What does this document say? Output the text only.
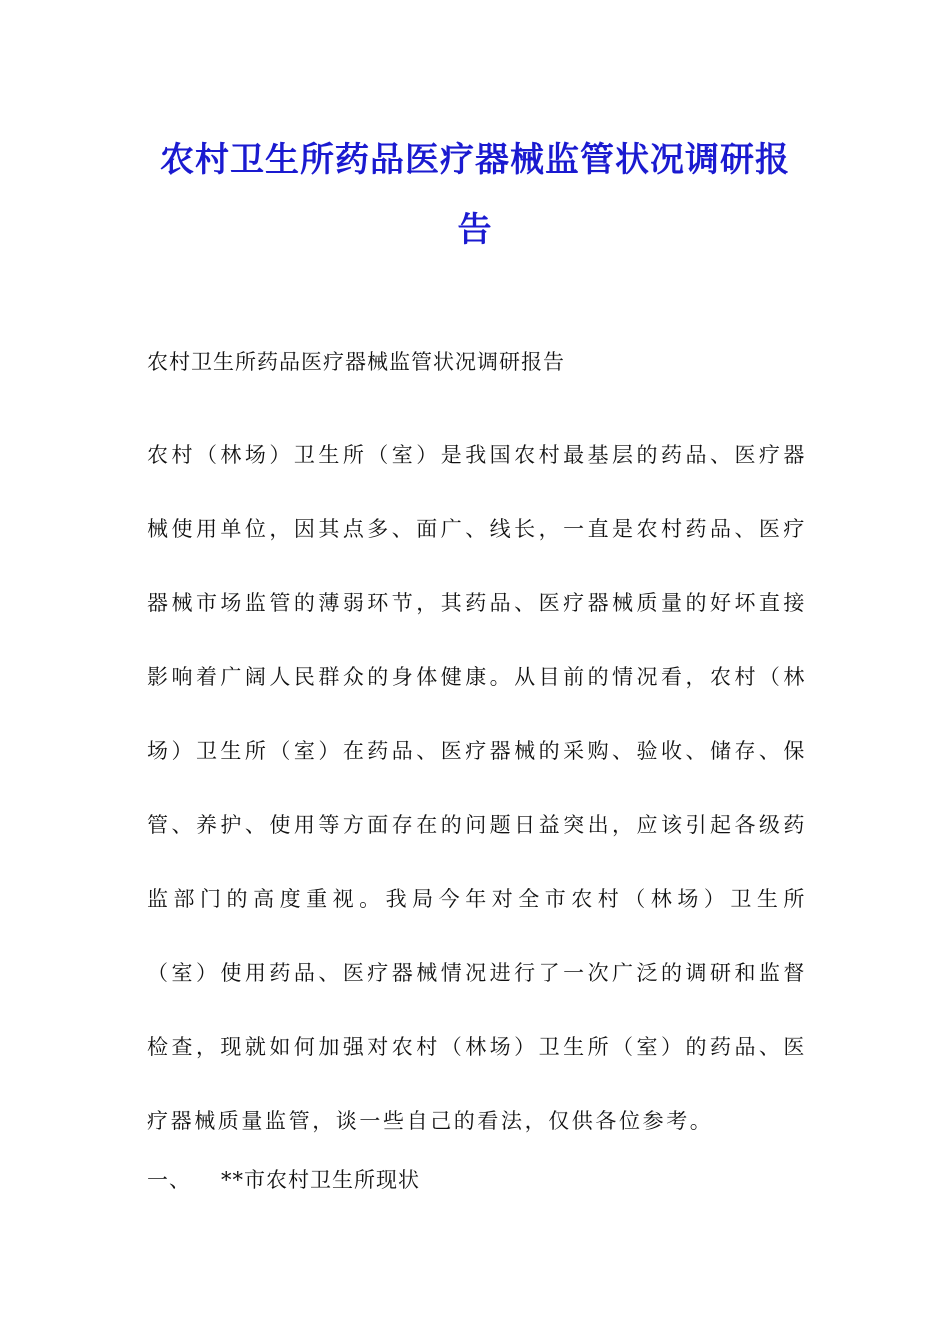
农村卫生所药品医疗器械监管状况调研报
告

农村卫生所药品医疗器械监管状况调研报告

农村（林场）卫生所（室）是我国农村最基层的药品、医疗器
械使用单位，因其点多、面广、线长，一直是农村药品、医疗
器械市场监管的薄弱环节，其药品、医疗器械质量的好坏直接
影响着广阔人民群众的身体健康。从目前的情况看，农村（林
场）卫生所（室）在药品、医疗器械的采购、验收、储存、保
管、养护、使用等方面存在的问题日益突出，应该引起各级药
监部门的高度重视。我局今年对全市农村（林场）卫生所
（室）使用药品、医疗器械情况进行了一次广泛的调研和监督
检查，现就如何加强对农村（林场）卫生所（室）的药品、医
疗器械质量监管，谈一些自己的看法，仅供各位参考。

一、 **市农村卫生所现状
